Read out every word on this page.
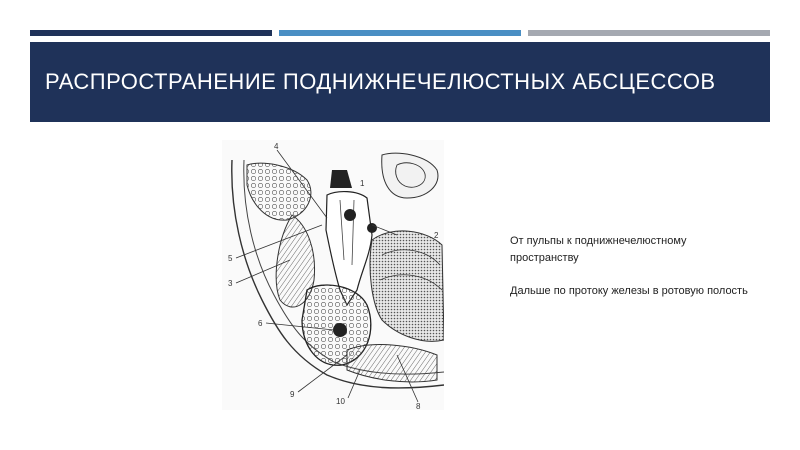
РАСПРОСТРАНЕНИЕ ПОДНИЖНЕЧЕЛЮСТНЫХ АБСЦЕССОВ
4
1
2
5
3
6
9
10
8

От пульпы к поднижнечелюстному пространству

Дальше по протоку железы в ротовую полость
